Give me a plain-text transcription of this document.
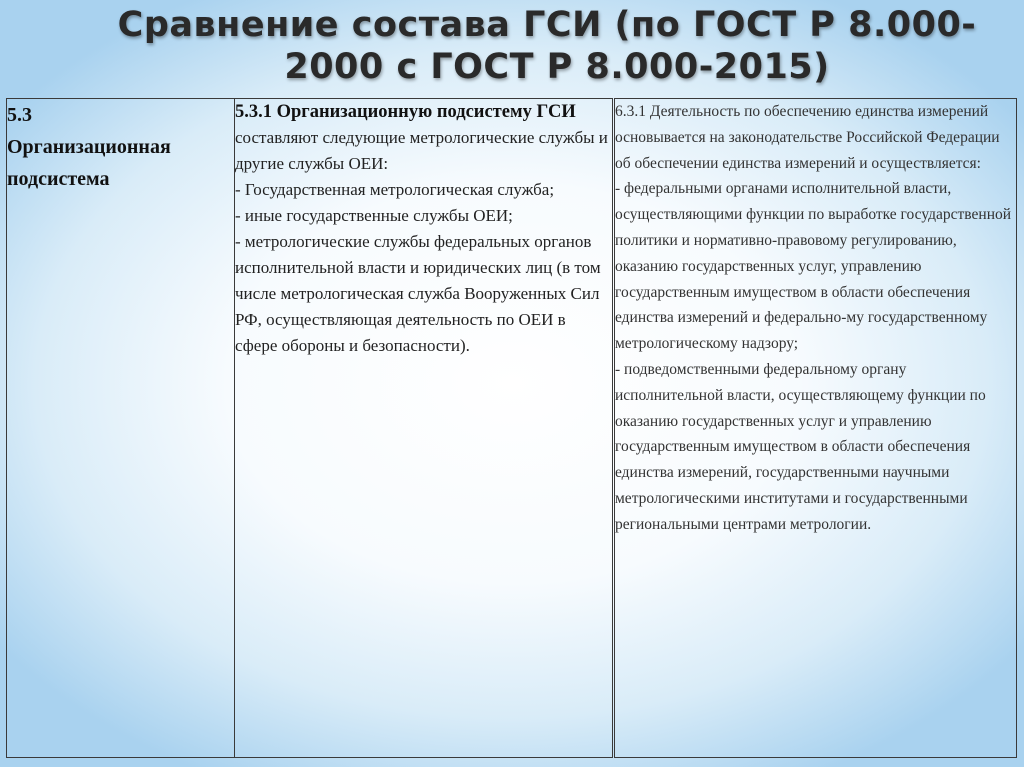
Сравнение состава ГСИ (по ГОСТ Р 8.000-
2000 с ГОСТ Р 8.000-2015)
5.3
Организационная подсистема

5.3.1 Организационную подсистему ГСИ составляют следующие метрологические службы и другие службы ОЕИ:
- Государственная метрологическая служба;
- иные государственные службы ОЕИ;
- метрологические службы федеральных органов исполнительной власти и юридических лиц (в том числе метрологическая служба Вооруженных Сил РФ, осуществляющая деятельность по ОЕИ в сфере обороны и безопасности).

6.3.1 Деятельность по обеспечению единства измерений основывается на законодательстве Российской Федерации об обеспечении единства измерений и осуществляется:
- федеральными органами исполнительной власти, осуществляющими функции по выработке государственной политики и нормативно-правовому регулированию, оказанию государственных услуг, управлению государственным имуществом в области обеспечения единства измерений и федерально-му государственному метрологическому надзору;
- подведомственными федеральному органу исполнительной власти, осуществляющему функции по оказанию государственных услуг и управлению государственным имуществом в области обеспечения единства измерений, государственными научными метрологическими институтами и государственными региональными центрами метрологии.
